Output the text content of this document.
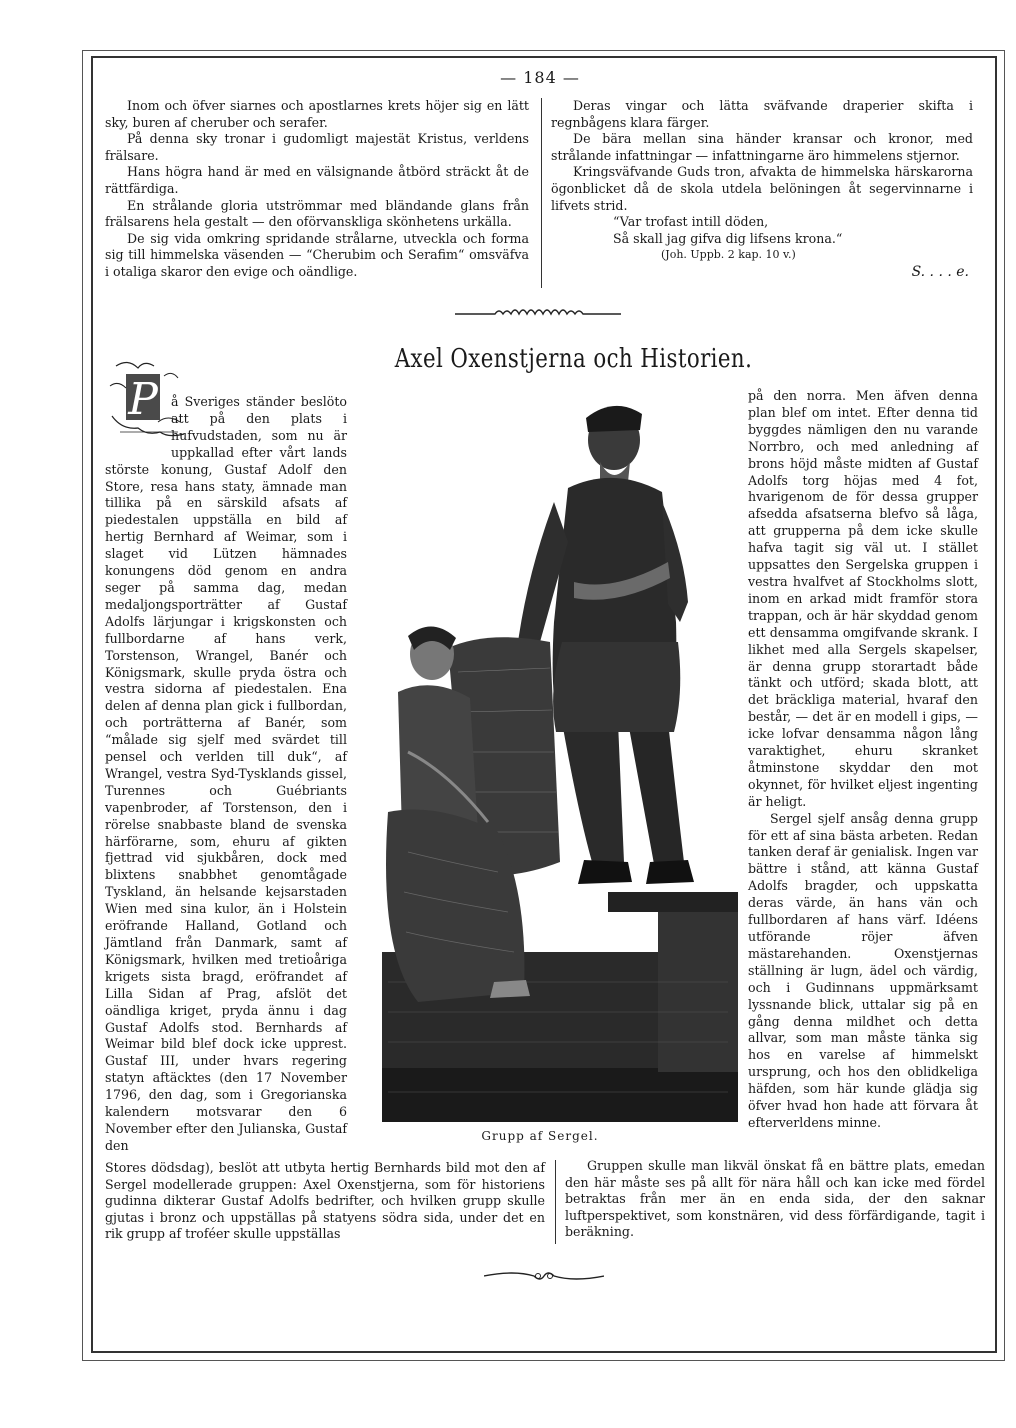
— 184 —

Inom och öfver siarnes och apostlarnes krets höjer sig en lätt sky, buren af cheruber och serafer.

På denna sky tronar i gudomligt majestät Kristus, verldens frälsare.

Hans högra hand är med en välsignande åtbörd sträckt åt de rättfärdiga.

En strålande gloria utströmmar med bländande glans från frälsarens hela gestalt — den oförvanskliga skönhetens urkälla.

De sig vida omkring spridande strålarne, utveckla och forma sig till himmelska väsenden — “Cherubim och Serafim“ omsväfva i otaliga skaror den evige och oändlige.

Deras vingar och lätta sväfvande draperier skifta i regnbågens klara färger.

De bära mellan sina händer kransar och kronor, med strålande infattningar — infattningarne äro himmelens stjernor.

Kringsväfvande Guds tron, afvakta de himmelska härskarorna ögonblicket då de skola utdela belöningen åt segervinnarne i lifvets strid.

“Var trofast intill döden,

Så skall jag gifva dig lifsens krona.“

(Joh. Uppb. 2 kap. 10 v.)

S. . . . e.

Axel Oxenstjerna och Historien.
P	å Sveriges ständer beslöto att på den plats i hufvudstaden, som nu är uppkallad efter vårt lands störste konung, Gustaf Adolf den Store, resa hans staty, ämnade man tillika på en särskild afsats af piedestalen uppställa en bild af hertig Bernhard af Weimar, som i slaget vid Lützen hämnades konungens död genom en andra seger på samma dag, medan medaljongsporträtter af Gustaf Adolfs lärjungar i krigskonsten och fullbordarne af hans verk, Torstenson, Wrangel, Banér och Königsmark, skulle pryda östra och vestra sidorna af piedestalen. Ena delen af denna plan gick i fullbordan, och porträtterna af Banér, som “målade sig sjelf med svärdet till pensel och verlden till duk“, af Wrangel, vestra Syd-Tysklands gissel, Turennes och Guébriants vapenbroder, af Torstenson, den i rörelse snabbaste bland de svenska härförarne, som, ehuru af gikten fjettrad vid sjukbåren, dock med blixtens snabbhet genomtågade Tyskland, än helsande kejsarstaden Wien med sina kulor, än i Holstein eröfrande Halland, Gotland och Jämtland från Danmark, samt af Königsmark, hvilken med tretioåriga krigets sista bragd, eröfrandet af Lilla Sidan af Prag, afslöt det oändliga kriget, pryda ännu i dag Gustaf Adolfs stod. Bernhards af Weimar bild blef dock icke upprest. Gustaf III, under hvars regering statyn aftäcktes (den 17 November 1796, den dag, som i Gregorianska kalendern motsvarar den 6 November efter den Julianska, Gustaf den

Grupp af Sergel.

på den norra. Men äfven denna plan blef om intet. Efter denna tid byggdes nämligen den nu varande Norrbro, och med anledning af brons höjd måste midten af Gustaf Adolfs torg höjas med 4 fot, hvarigenom de för dessa grupper afsedda afsatserna blefvo så låga, att grupperna på dem icke skulle hafva tagit sig väl ut. I stället uppsattes den Sergelska gruppen i vestra hvalfvet af Stockholms slott, inom en arkad midt framför stora trappan, och är här skyddad genom ett densamma omgifvande skrank. I likhet med alla Sergels skapelser, är denna grupp storartadt både tänkt och utförd; skada blott, att det bräckliga material, hvaraf den består, — det är en modell i gips, — icke lofvar densamma någon lång varaktighet, ehuru skranket åtminstone skyddar den mot okynnet, för hvilket eljest ingenting är heligt.

Sergel sjelf ansåg denna grupp för ett af sina bästa arbeten. Redan tanken deraf är genialisk. Ingen var bättre i stånd, att känna Gustaf Adolfs bragder, och uppskatta deras värde, än hans vän och fullbordaren af hans värf. Idéens utförande röjer äfven mästarehanden. Oxenstjernas ställning är lugn, ädel och värdig, och i Gudinnans uppmärksamt lyssnande blick, uttalar sig på en gång denna mildhet och detta allvar, som man måste tänka sig hos en varelse af himmelskt ursprung, och hos den oblidkeliga häfden, som här kunde glädja sig öfver hvad hon hade att förvara åt efterverldens minne.

Stores dödsdag), beslöt att utbyta hertig Bernhards bild mot den af Sergel modellerade gruppen: Axel Oxenstjerna, som för historiens gudinna dikterar Gustaf Adolfs bedrifter, och hvilken grupp skulle gjutas i bronz och uppställas på statyens södra sida, under det en rik grupp af troféer skulle uppställas

Gruppen skulle man likväl önskat få en bättre plats, emedan den här måste ses på allt för nära håll och kan icke med fördel betraktas från mer än en enda sida, der den saknar luftperspektivet, som konstnären, vid dess förfärdigande, tagit i beräkning.
